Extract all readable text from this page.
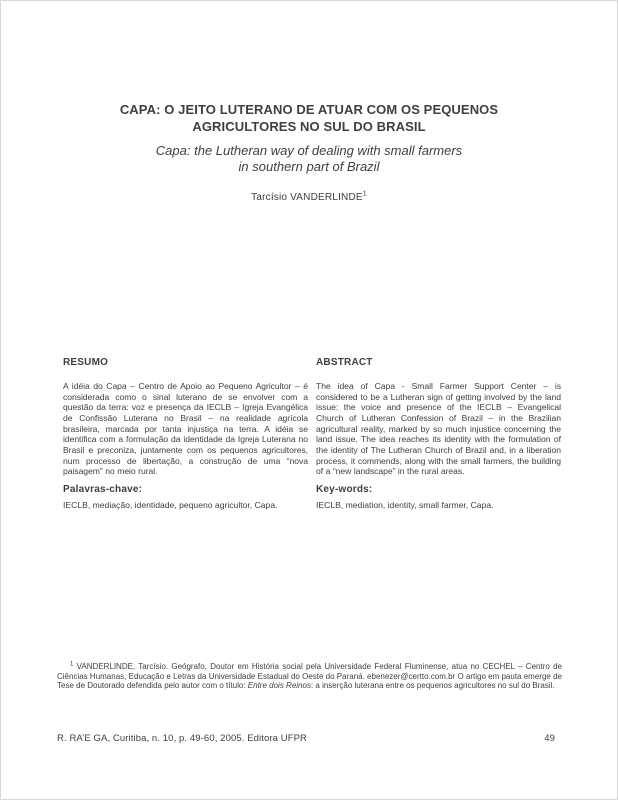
CAPA: O JEITO LUTERANO DE ATUAR COM OS PEQUENOS
AGRICULTORES NO SUL DO BRASIL
Capa: the Lutheran way of dealing with small farmers
in southern part of Brazil
Tarcísio VANDERLINDE$^1$
RESUMO

A idéia do Capa – Centro de Apoio ao Pequeno Agricultor – é considerada como o sinal luterano de se envolver com a questão da terra: voz e presença da IECLB – Igreja Evangélica de Confissão Luterana no Brasil – na realidade agrícola brasileira, marcada por tanta injustiça na terra. A idéia se identifica com a formulação da identidade da Igreja Luterana no Brasil e preconiza, juntamente com os pequenos agricultores, num processo de libertação, a construção de uma “nova paisagem” no meio rural.

Palavras-chave:

IECLB, mediação, identidade, pequeno agricultor, Capa.

ABSTRACT

The idea of Capa - Small Farmer Support Center – is considered to be a Lutheran sign of getting involved by the land issue: the voice and presence of the IECLB – Evangelical Church of Lutheran Confession of Brazil – in the Brazilian agricultural reality, marked by so much injustice concerning the land issue. The idea reaches its identity with the formulation of the identity of The Lutheran Church of Brazil and, in a liberation process, it commends, along with the small farmers, the building of a “new landscape” in the rural areas.

Key-words:

IECLB, mediation, identity, small farmer, Capa.

$^1$ VANDERLINDE, Tarcísio. Geógrafo, Doutor em História social pela Universidade Federal Fluminense, atua no CECHEL – Centro de Ciências Humanas, Educação e Letras da Universidade Estadual do Oeste do Paraná. ebenezer@certto.com.br O artigo em pauta emerge de Tese de Doutorado defendida pelo autor com o título: Entre dois Reinos: a inserção luterana entre os pequenos agricultores no sul do Brasil.

R. RA’E GA, Curitiba, n. 10, p. 49-60, 2005. Editora UFPR	49
